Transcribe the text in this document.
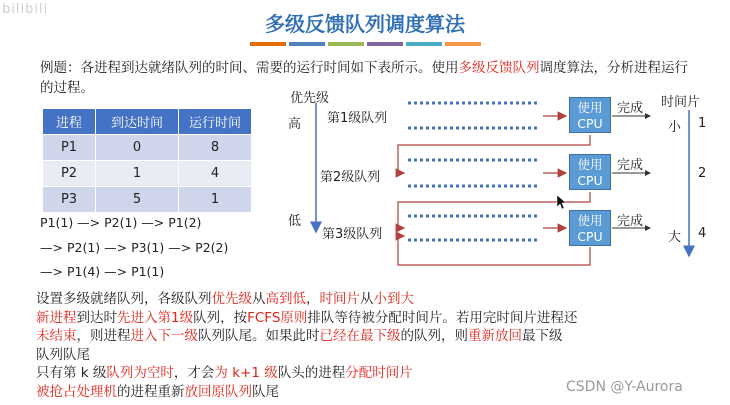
bilibili
多级反馈队列调度算法
例题：各进程到达就绪队列的时间、需要的运行时间如下表所示。使用多级反馈队列调度算法，分析进程运行的过程。
进程	到达时间	运行时间
P1	0	8
P2	1	4
P3	5	1
P1(1) —> P2(1) —> P1(2)
—> P2(1) —> P3(1) —> P2(2)
—> P1(4) —> P1(1)
优先级
高
低
第1级队列
第2级队列
第3级队列
使用CPU
使用CPU
使用CPU
完成
完成
完成
时间片
小
大
1
2
4
设置多级就绪队列，各级队列优先级从高到低，时间片从小到大
新进程到达时先进入第1级队列，按FCFS原则排队等待被分配时间片。若用完时间片进程还
未结束，则进程进入下一级队列队尾。如果此时已经在最下级的队列，则重新放回最下级
队列队尾
只有第 k 级队列为空时，才会为 k+1 级队头的进程分配时间片
被抢占处理机的进程重新放回原队列队尾	CSDN @Y-Aurora
